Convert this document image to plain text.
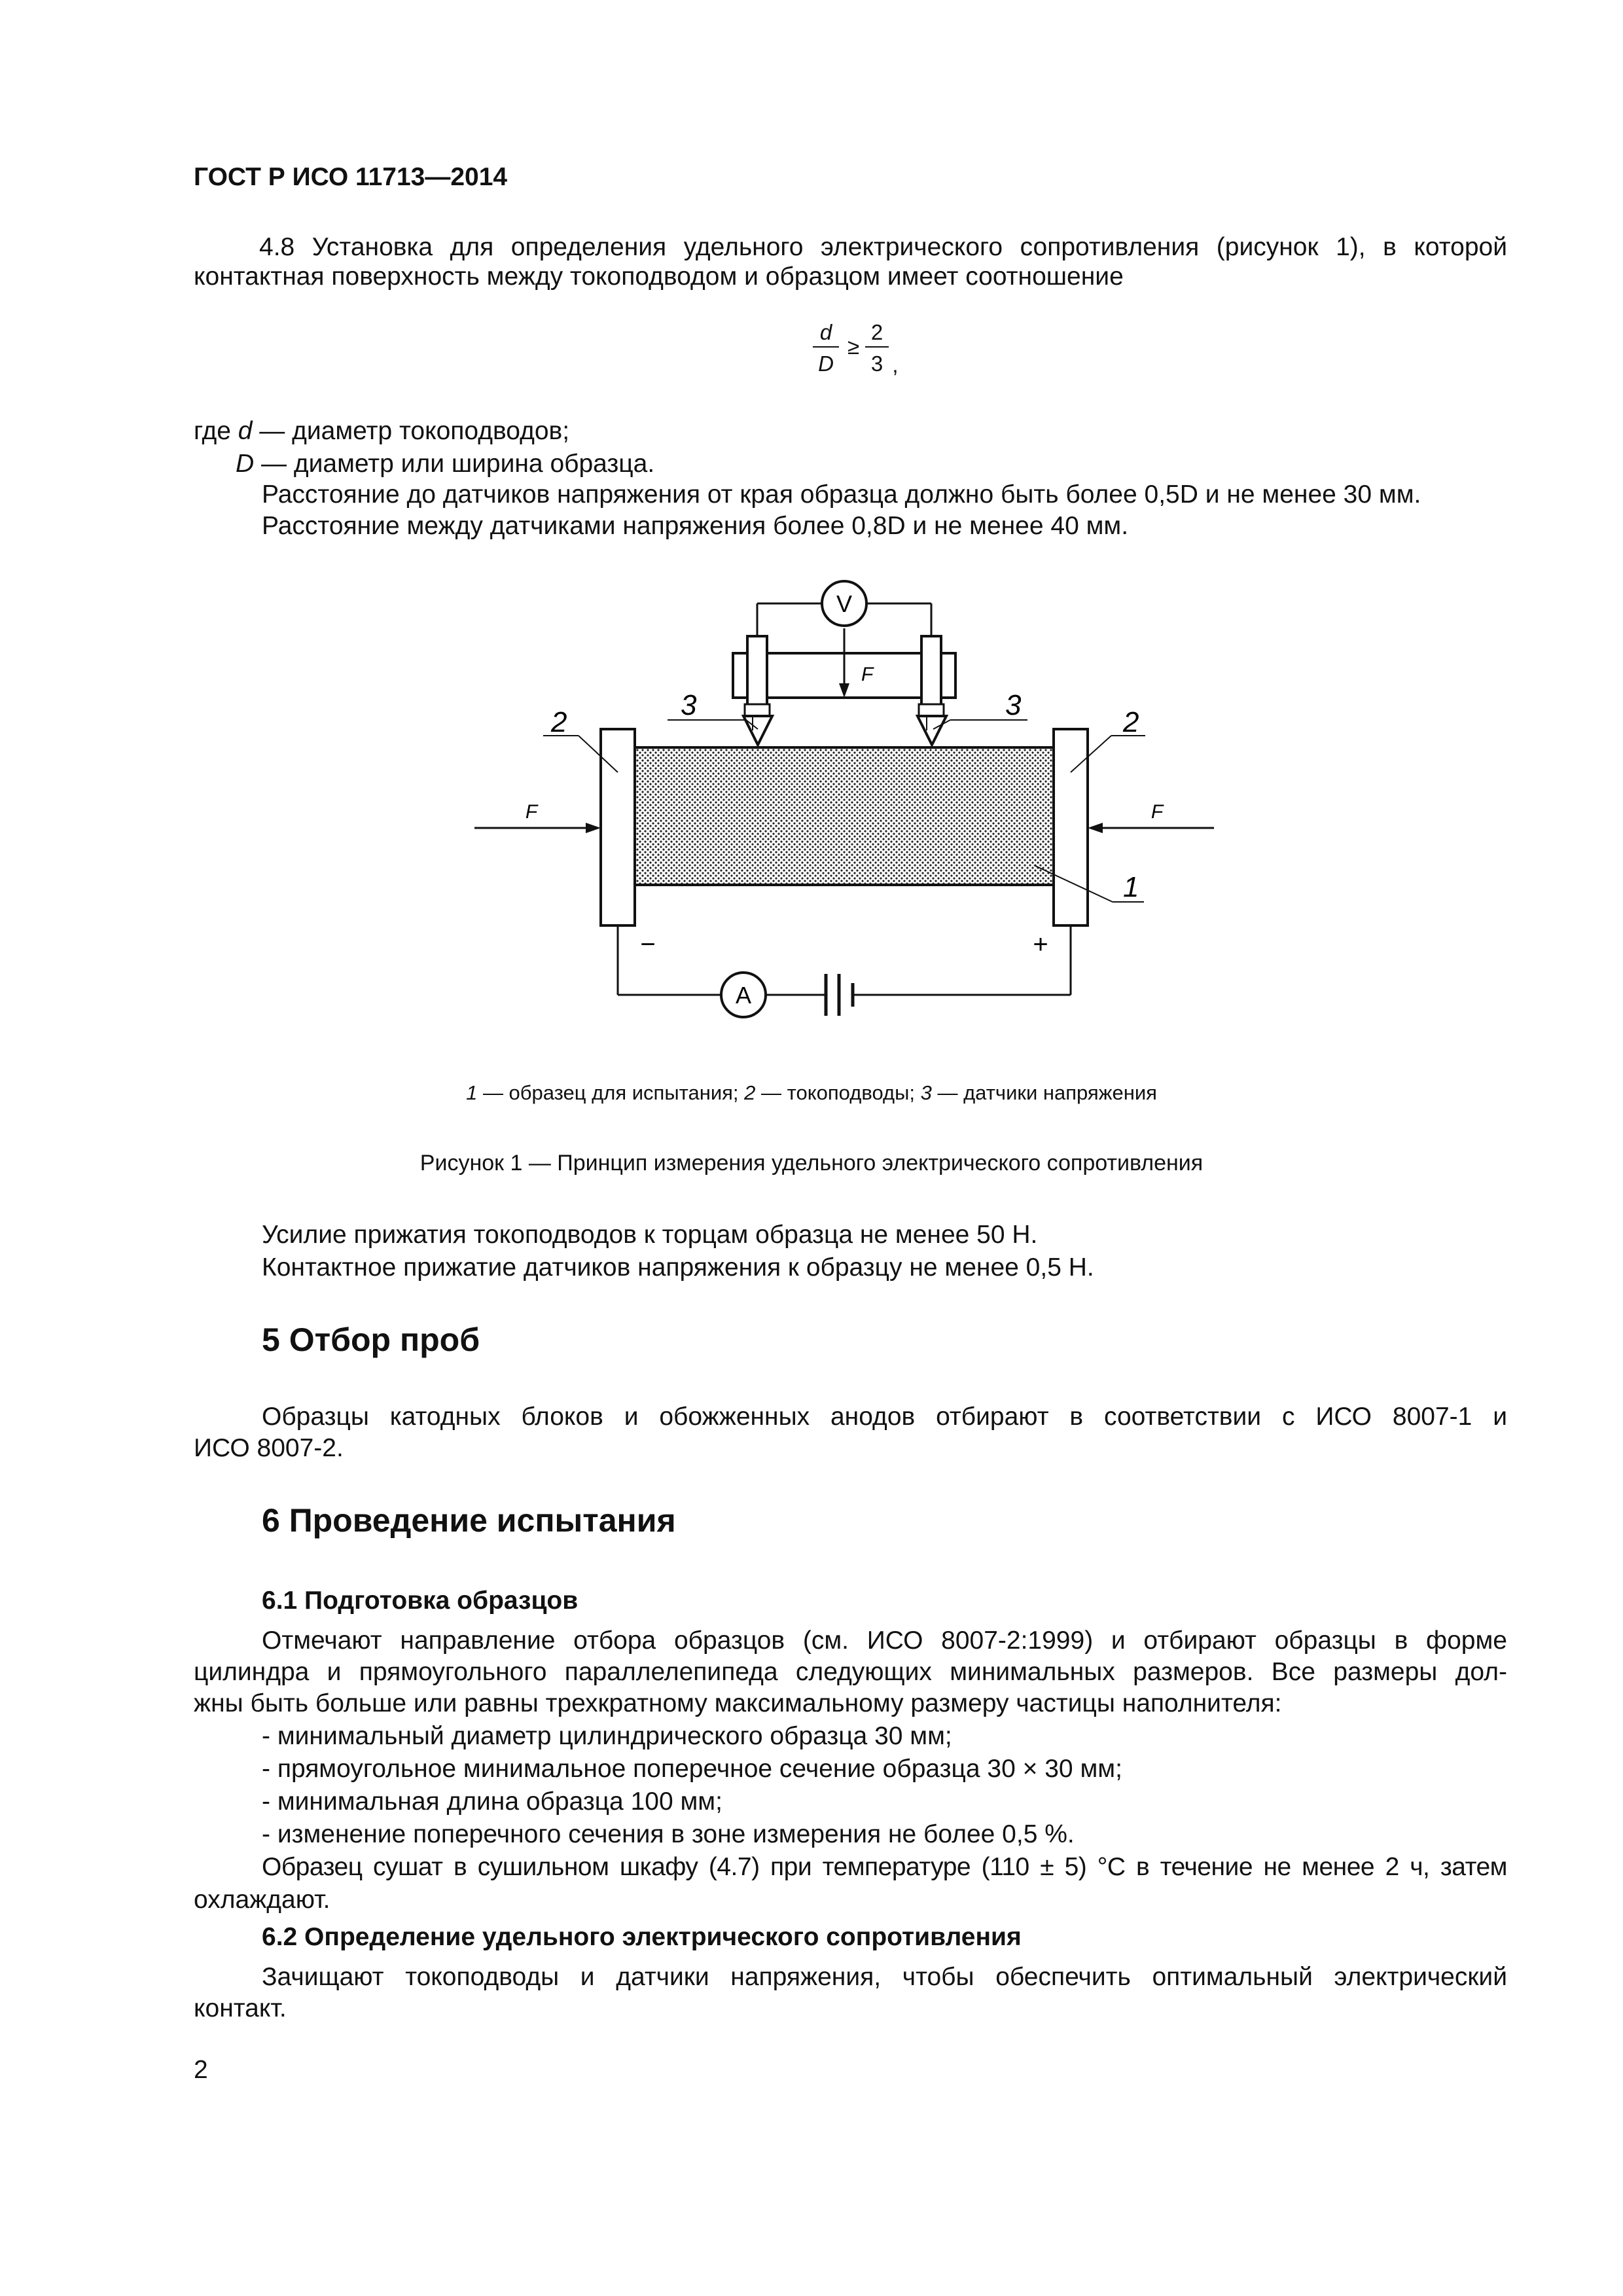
ГОСТ Р ИСО 11713—2014
4.8 Установка для определения удельного электрического сопротивления (рисунок 1), в которой
контактная поверхность между токоподводом и образцом имеет соотношение
d
D
≥
2
3 ,
где d — диаметр токоподводов;
D — диаметр или ширина образца.
Расстояние до датчиков напряжения от края образца должно быть более 0,5D и не менее 30 мм.
Расстояние между датчиками напряжения более 0,8D и не менее 40 мм.
F	F
V
F
A
−	+
3	3
2	2
1
1 — образец для испытания; 2 — токоподводы; 3 — датчики напряжения
Рисунок 1 — Принцип измерения удельного электрического сопротивления
Усилие прижатия токоподводов к торцам образца не менее 50 Н.
Контактное прижатие датчиков напряжения к образцу не менее 0,5 Н.
5 Отбор проб
Образцы катодных блоков и обожженных анодов отбирают в соответствии с ИСО 8007-1 и
ИСО 8007-2.
6 Проведение испытания
6.1 Подготовка образцов
Отмечают направление отбора образцов (см. ИСО 8007-2:1999) и отбирают образцы в форме
цилиндра и прямоугольного параллелепипеда следующих минимальных размеров. Все размеры дол-
жны быть больше или равны трехкратному максимальному размеру частицы наполнителя:
- минимальный диаметр цилиндрического образца 30 мм;
- прямоугольное минимальное поперечное сечение образца 30 × 30 мм;
- минимальная длина образца 100 мм;
- изменение поперечного сечения в зоне измерения не более 0,5 %.
Образец сушат в сушильном шкафу (4.7) при температуре (110 ± 5) °С в течение не менее 2 ч, затем
охлаждают.
6.2 Определение удельного электрического сопротивления
Зачищают токоподводы и датчики напряжения, чтобы обеспечить оптимальный электрический
контакт.
2
